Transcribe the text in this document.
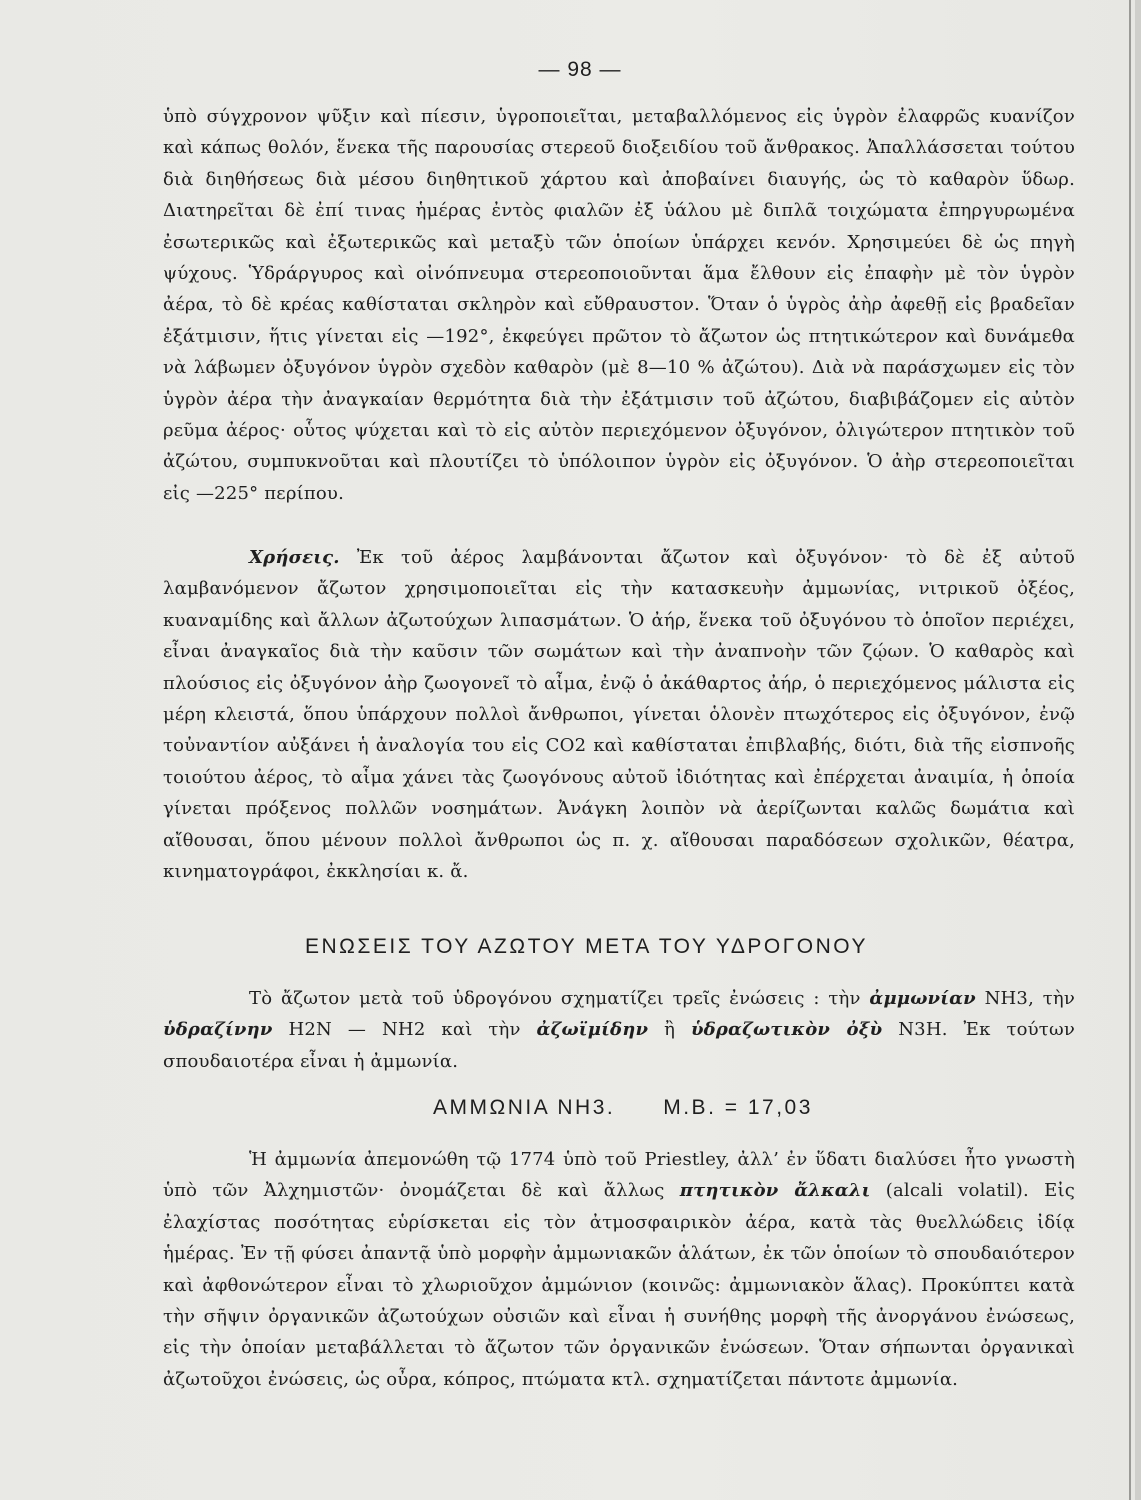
— 98 —

ὑπὸ σύγχρονον ψῦξιν καὶ πίεσιν, ὑγροποιεῖται, μεταβαλλόμενος εἰς ὑγρὸν ἐλαφρῶς κυανίζον καὶ κάπως θολόν, ἕνεκα τῆς παρουσίας στερεοῦ διοξειδίου τοῦ ἄνθρακος. Ἀπαλλάσσεται τούτου διὰ διηθήσεως διὰ μέσου διηθητικοῦ χάρτου καὶ ἀποβαίνει διαυγής, ὡς τὸ καθαρὸν ὕδωρ. Διατηρεῖται δὲ ἐπί τινας ἡμέρας ἐντὸς φιαλῶν ἐξ ὑάλου μὲ διπλᾶ τοιχώματα ἐπηργυρωμένα ἐσωτερικῶς καὶ ἐξωτερικῶς καὶ μεταξὺ τῶν ὁποίων ὑπάρχει κενόν. Χρησιμεύει δὲ ὡς πηγὴ ψύχους. Ὑδράργυρος καὶ οἰνόπνευμα στερεοποιοῦνται ἅμα ἔλθουν εἰς ἐπαφὴν μὲ τὸν ὑγρὸν ἀέρα, τὸ δὲ κρέας καθίσταται σκληρὸν καὶ εὔθραυστον. Ὅταν ὁ ὑγρὸς ἀὴρ ἀφεθῇ εἰς βραδεῖαν ἐξάτμισιν, ἥτις γίνεται εἰς —192°, ἐκφεύγει πρῶτον τὸ ἄζωτον ὡς πτητικώτερον καὶ δυνάμεθα νὰ λάβωμεν ὀξυγόνον ὑγρὸν σχεδὸν καθαρὸν (μὲ 8—10 % ἀζώτου). Διὰ νὰ παράσχωμεν εἰς τὸν ὑγρὸν ἀέρα τὴν ἀναγκαίαν θερμότητα διὰ τὴν ἐξάτμισιν τοῦ ἀζώτου, διαβιβάζομεν εἰς αὐτὸν ρεῦμα ἀέρος· οὗτος ψύχεται καὶ τὸ εἰς αὐτὸν περιεχόμενον ὀξυγόνον, ὀλιγώτερον πτητικὸν τοῦ ἀζώτου, συμπυκνοῦται καὶ πλουτίζει τὸ ὑπόλοιπον ὑγρὸν εἰς ὀξυγόνον. Ὁ ἀὴρ στερεοποιεῖται εἰς —225° περίπου.

Χρήσεις. Ἐκ τοῦ ἀέρος λαμβάνονται ἄζωτον καὶ ὀξυγόνον· τὸ δὲ ἐξ αὐτοῦ λαμβανόμενον ἄζωτον χρησιμοποιεῖται εἰς τὴν κατασκευὴν ἀμμωνίας, νιτρικοῦ ὀξέος, κυαναμίδης καὶ ἄλλων ἀζωτούχων λιπασμάτων. Ὁ ἀήρ, ἕνεκα τοῦ ὀξυγόνου τὸ ὁποῖον περιέχει, εἶναι ἀναγκαῖος διὰ τὴν καῦσιν τῶν σωμάτων καὶ τὴν ἀναπνοὴν τῶν ζῴων. Ὁ καθαρὸς καὶ πλούσιος εἰς ὀξυγόνον ἀὴρ ζωογονεῖ τὸ αἷμα, ἐνῷ ὁ ἀκάθαρτος ἀήρ, ὁ περιεχόμενος μάλιστα εἰς μέρη κλειστά, ὅπου ὑπάρχουν πολλοὶ ἄνθρωποι, γίνεται ὁλονὲν πτωχότερος εἰς ὀξυγόνον, ἐνῷ τοὐναντίον αὐξάνει ἡ ἀναλογία του εἰς CO2 καὶ καθίσταται ἐπιβλαβής, διότι, διὰ τῆς εἰσπνοῆς τοιούτου ἀέρος, τὸ αἷμα χάνει τὰς ζωογόνους αὐτοῦ ἰδιότητας καὶ ἐπέρχεται ἀναιμία, ἡ ὁποία γίνεται πρόξενος πολλῶν νοσημάτων. Ἀνάγκη λοιπὸν νὰ ἀερίζωνται καλῶς δωμάτια καὶ αἴθουσαι, ὅπου μένουν πολλοὶ ἄνθρωποι ὡς π. χ. αἴθουσαι παραδόσεων σχολικῶν, θέατρα, κινηματογράφοι, ἐκκλησίαι κ. ἄ.

ΕΝΩΣΕΙΣ ΤΟΥ ΑΖΩΤΟΥ ΜΕΤΑ ΤΟΥ ΥΔΡΟΓΟΝΟΥ

Τὸ ἄζωτον μετὰ τοῦ ὑδρογόνου σχηματίζει τρεῖς ἐνώσεις : τὴν ἀμμωνίαν NH3, τὴν ὑδραζίνην H2N — NH2 καὶ τὴν ἀζωϊμίδην ἢ ὑδραζωτικὸν ὀξὺ N3H. Ἐκ τούτων σπουδαιοτέρα εἶναι ἡ ἀμμωνία.

ΑΜΜΩΝΙΑ NH3. Μ.Β. = 17,03

Ἡ ἀμμωνία ἀπεμονώθη τῷ 1774 ὑπὸ τοῦ Priestley, ἀλλ’ ἐν ὕδατι διαλύσει ἦτο γνωστὴ ὑπὸ τῶν Ἀλχημιστῶν· ὀνομάζεται δὲ καὶ ἄλλως πτητικὸν ἄλκαλι (alcali volatil). Εἰς ἐλαχίστας ποσότητας εὑρίσκεται εἰς τὸν ἀτμοσφαιρικὸν ἀέρα, κατὰ τὰς θυελλώδεις ἰδίᾳ ἡμέρας. Ἐν τῇ φύσει ἀπαντᾷ ὑπὸ μορφὴν ἀμμωνιακῶν ἁλάτων, ἐκ τῶν ὁποίων τὸ σπουδαιότερον καὶ ἀφθονώτερον εἶναι τὸ χλωριοῦχον ἀμμώνιον (κοινῶς: ἀμμωνιακὸν ἅλας). Προκύπτει κατὰ τὴν σῆψιν ὀργανικῶν ἀζωτούχων οὐσιῶν καὶ εἶναι ἡ συνήθης μορφὴ τῆς ἀνοργάνου ἐνώσεως, εἰς τὴν ὁποίαν μεταβάλλεται τὸ ἄζωτον τῶν ὀργανικῶν ἐνώσεων. Ὅταν σήπωνται ὀργανικαὶ ἀζωτοῦχοι ἐνώσεις, ὡς οὖρα, κόπρος, πτώματα κτλ. σχηματίζεται πάντοτε ἀμμωνία.
